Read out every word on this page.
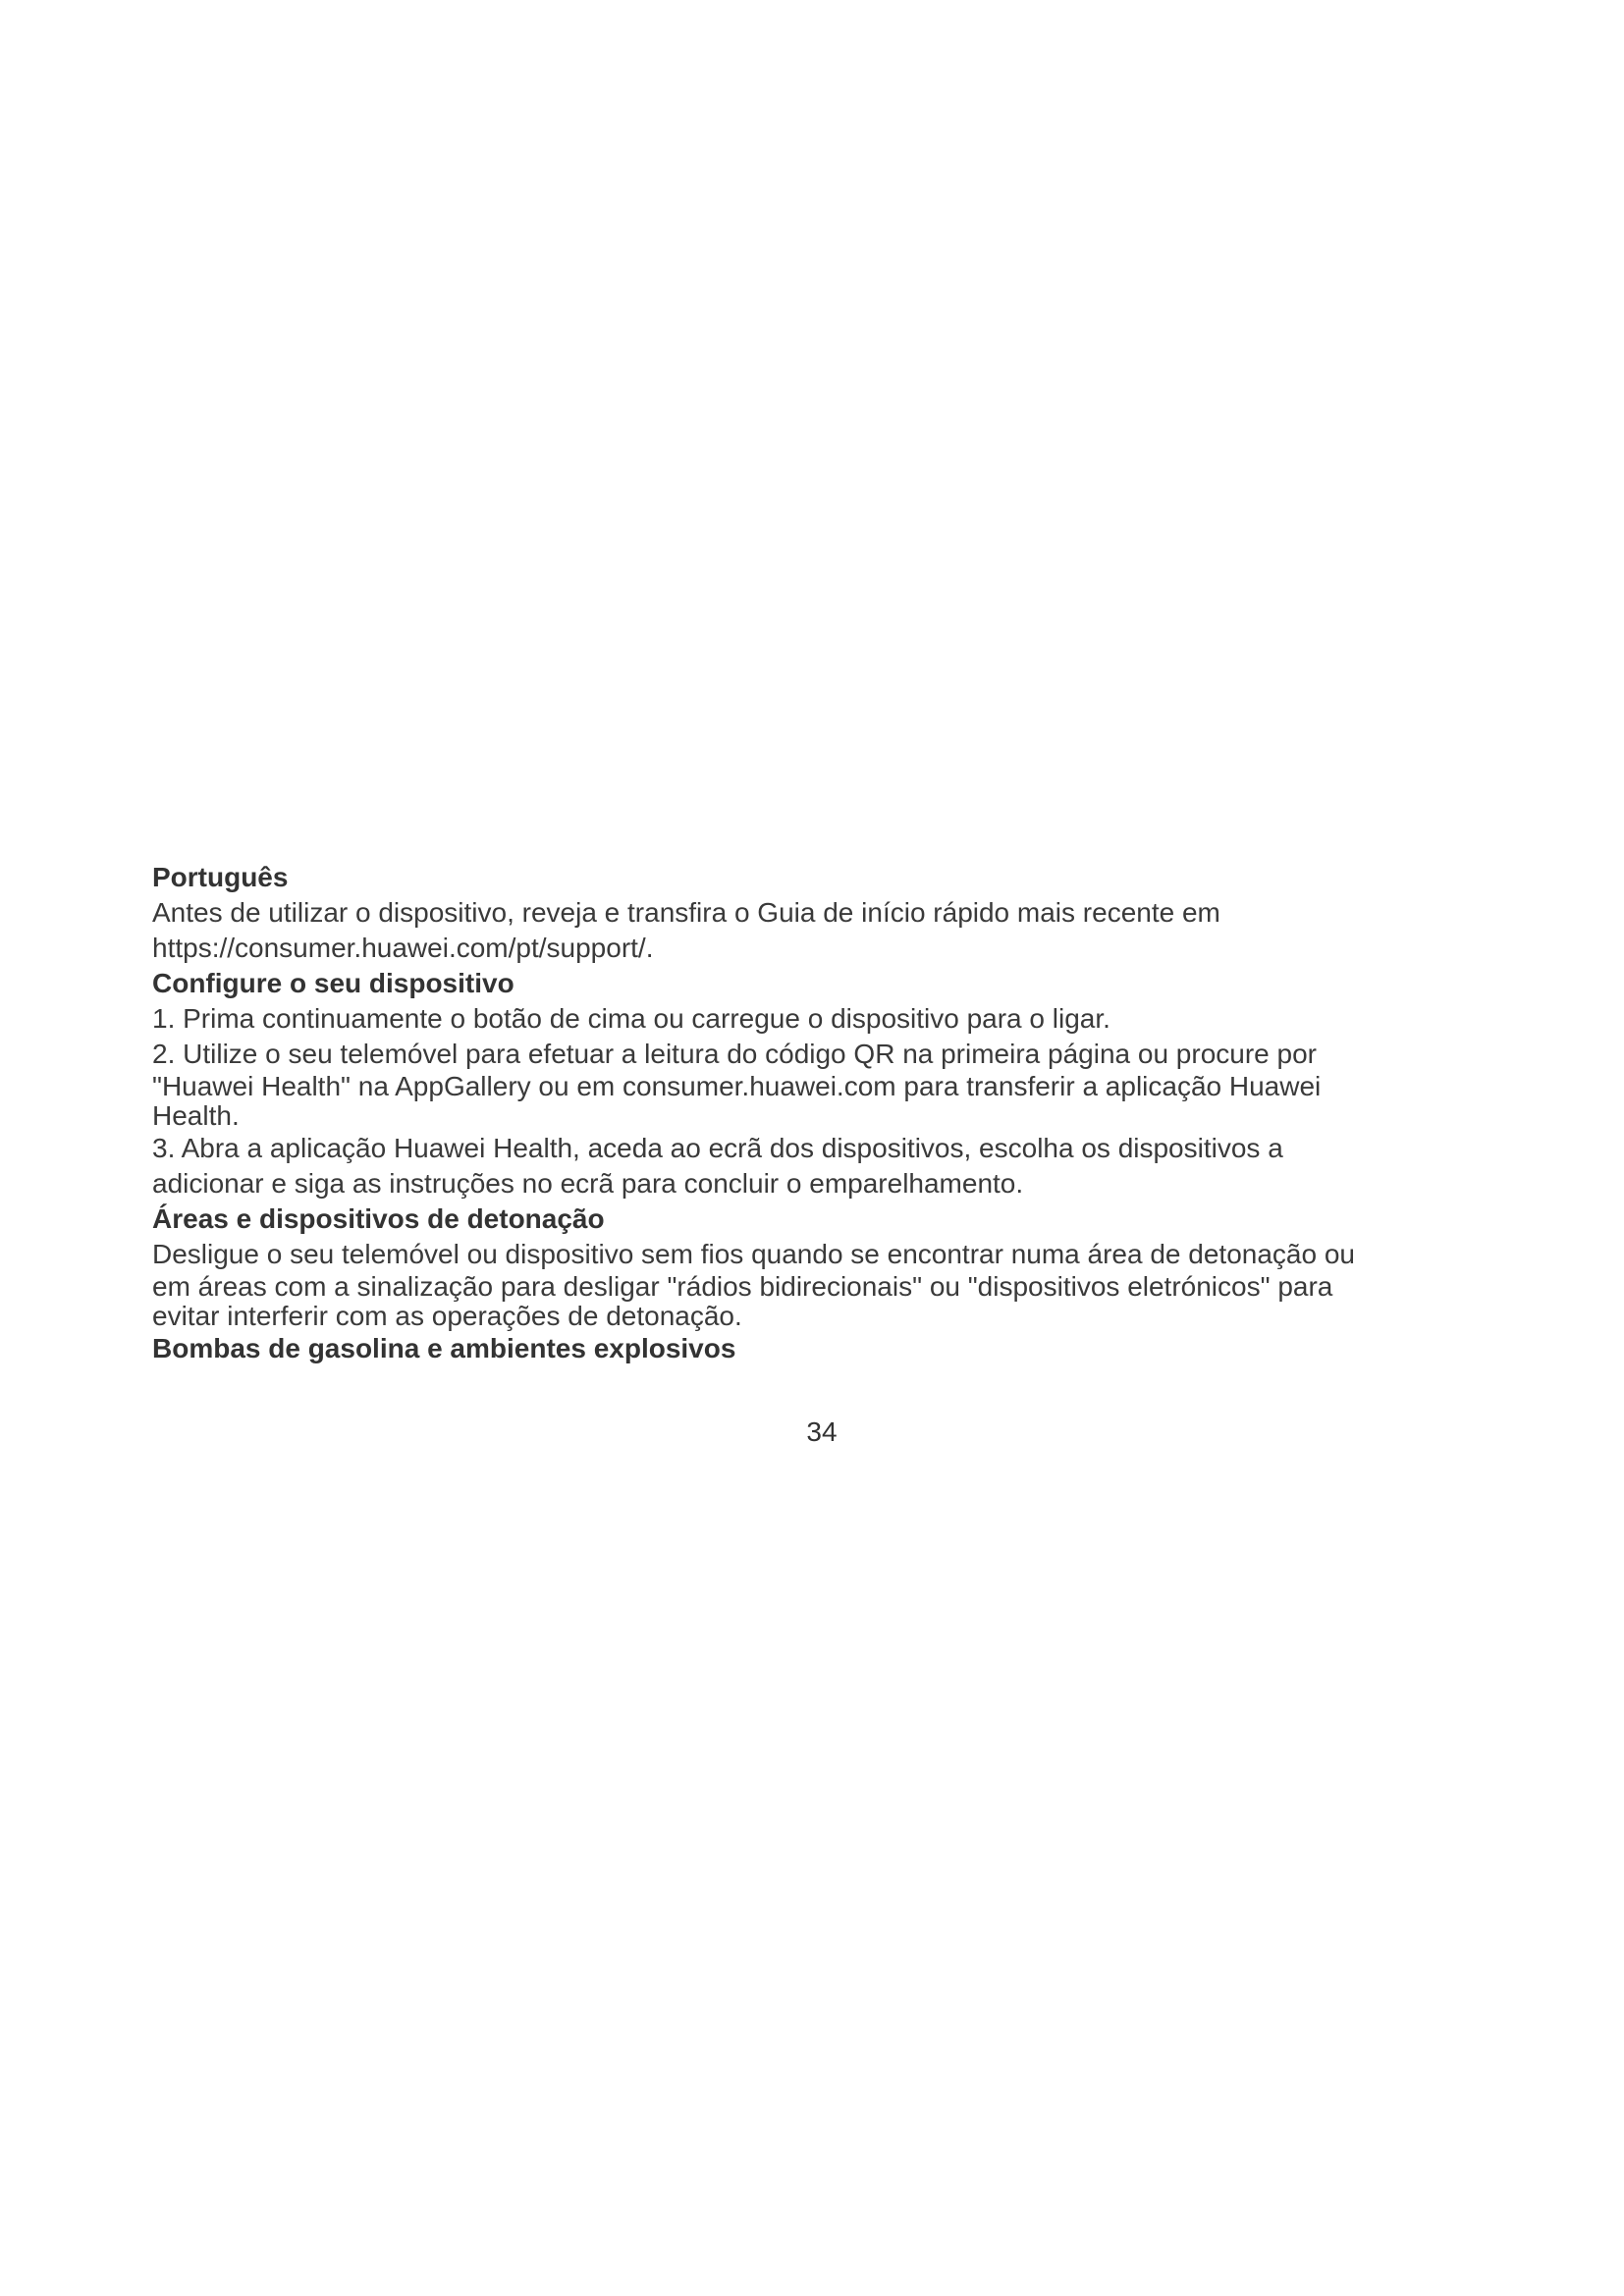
Português

Antes de utilizar o dispositivo, reveja e transfira o Guia de início rápido mais recente em
https://consumer.huawei.com/pt/support/.

Configure o seu dispositivo

1. Prima continuamente o botão de cima ou carregue o dispositivo para o ligar.

2. Utilize o seu telemóvel para efetuar a leitura do código QR na primeira página ou procure por
"Huawei Health" na AppGallery ou em consumer.huawei.com para transferir a aplicação Huawei
Health.

3. Abra a aplicação Huawei Health, aceda ao ecrã dos dispositivos, escolha os dispositivos a
adicionar e siga as instruções no ecrã para concluir o emparelhamento.

Áreas e dispositivos de detonação

Desligue o seu telemóvel ou dispositivo sem fios quando se encontrar numa área de detonação ou
em áreas com a sinalização para desligar "rádios bidirecionais" ou "dispositivos eletrónicos" para
evitar interferir com as operações de detonação.

Bombas de gasolina e ambientes explosivos

34
